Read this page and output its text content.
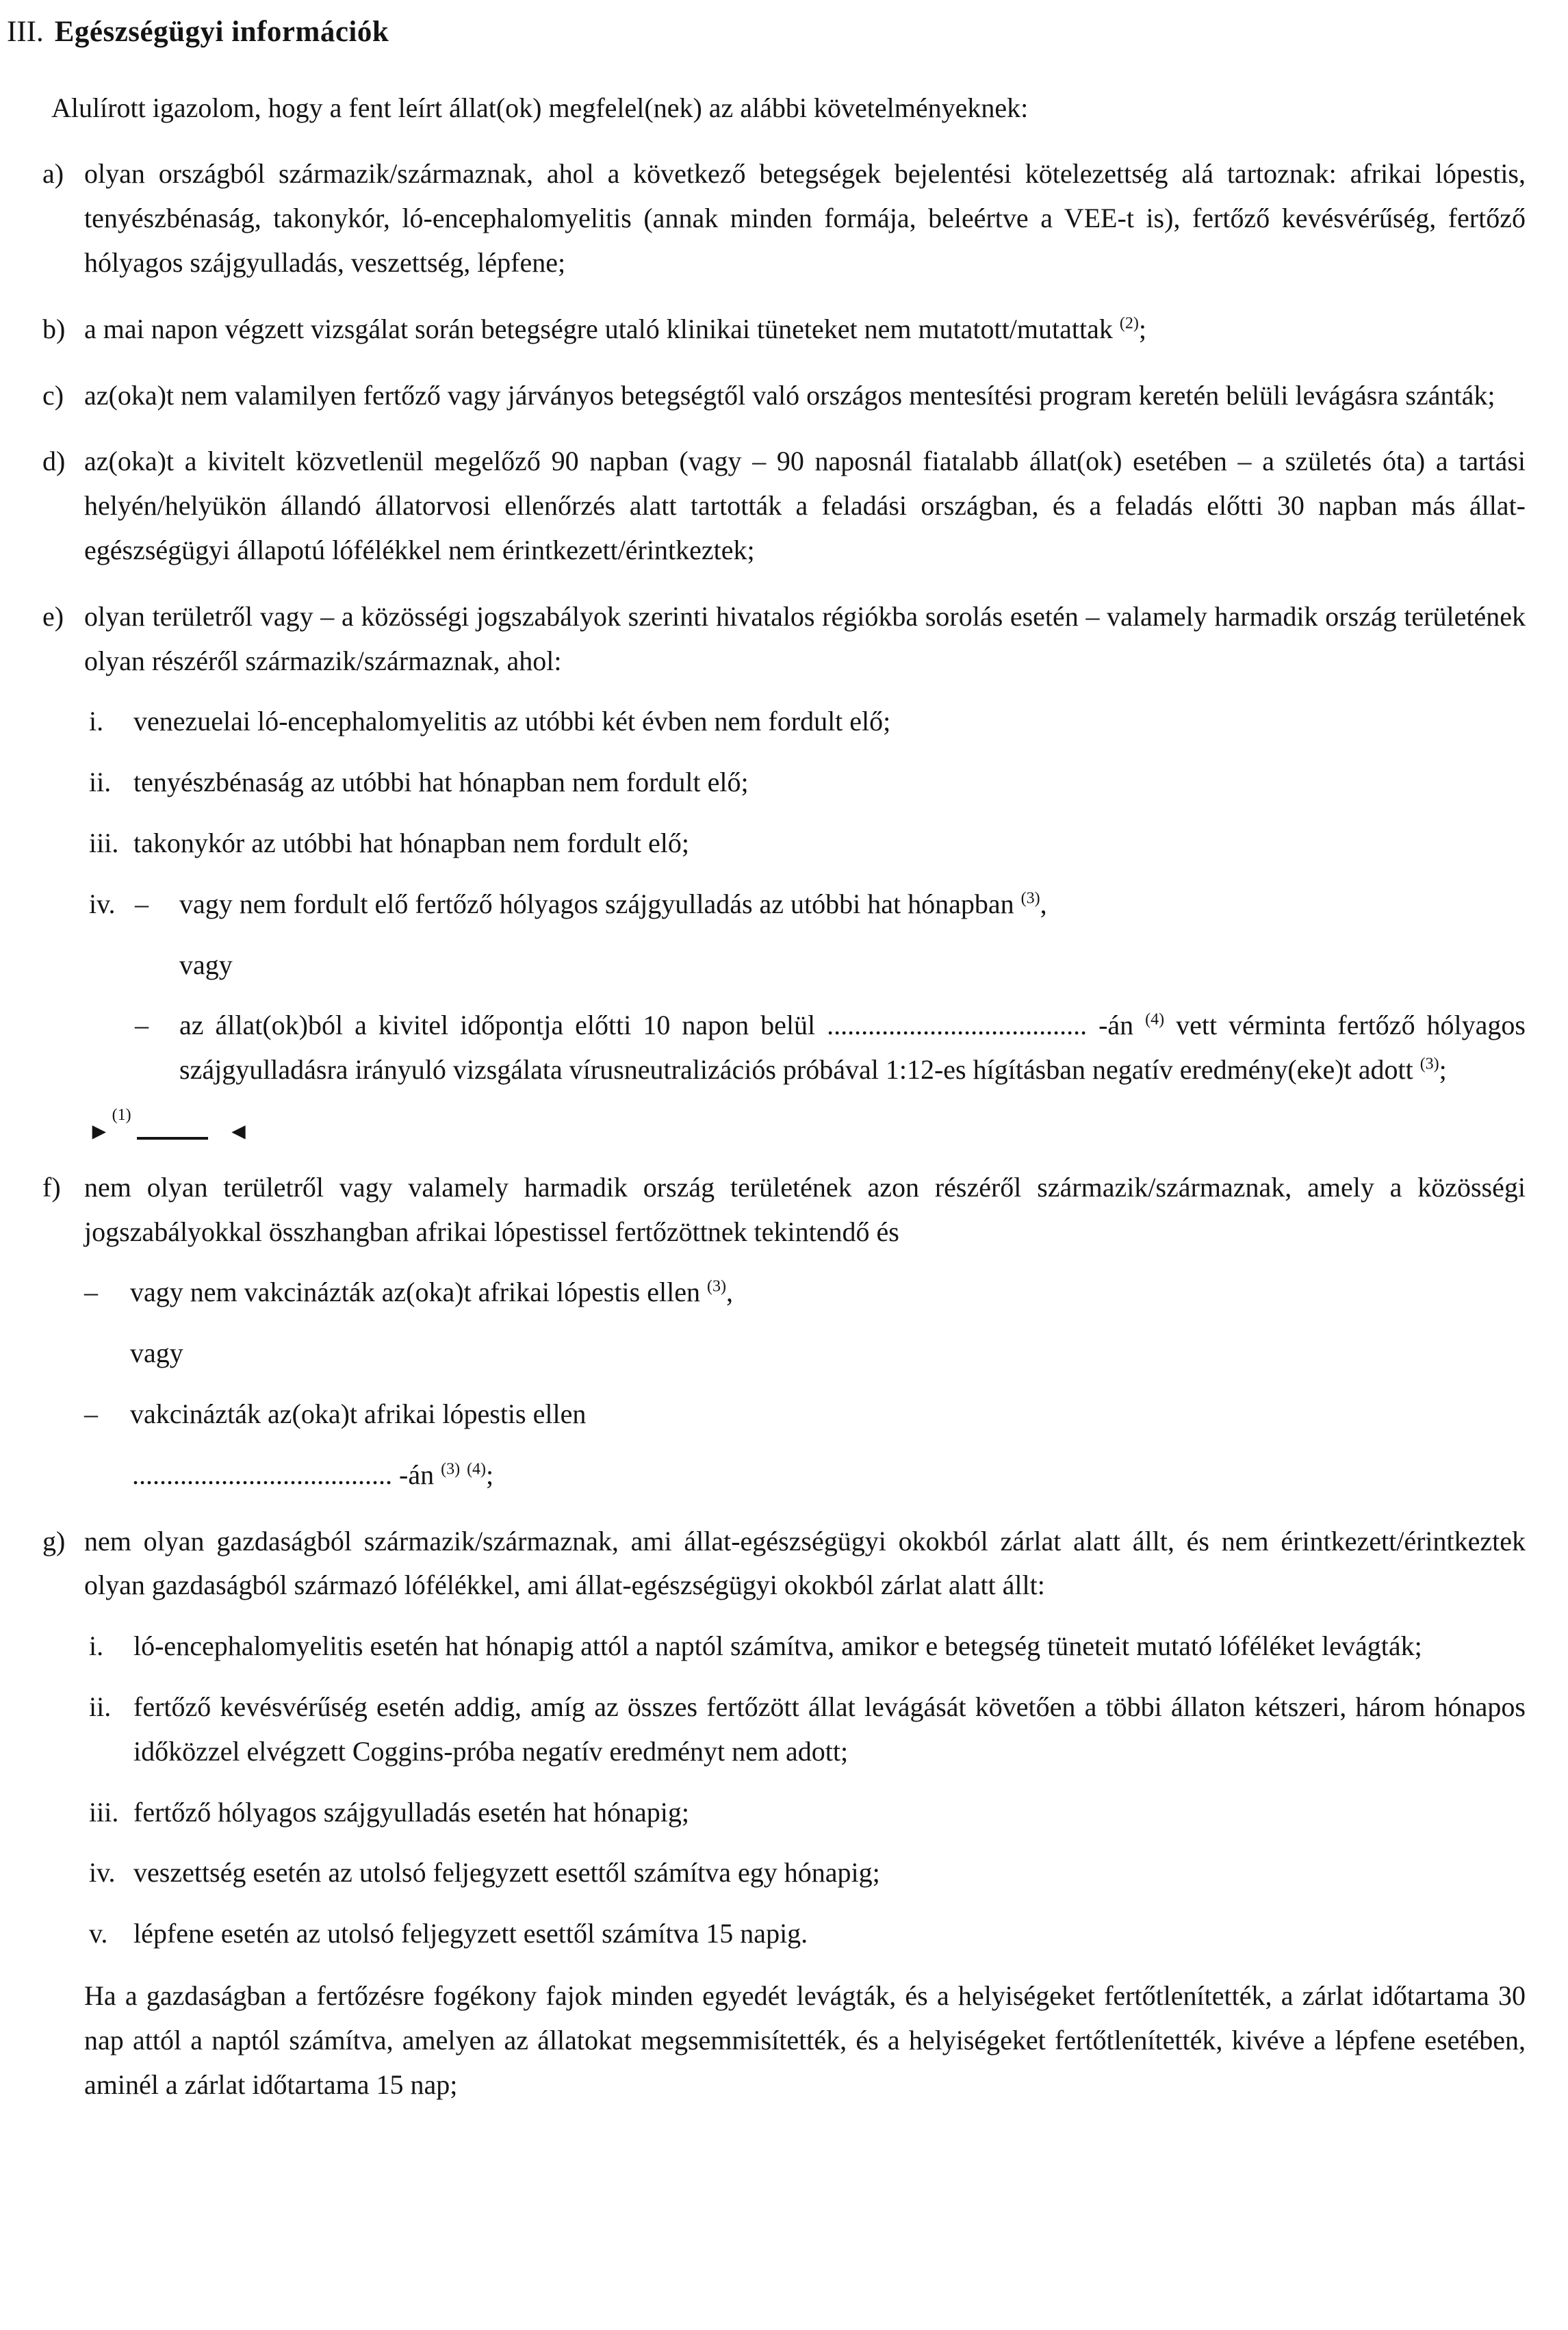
III. Egészségügyi információk

Alulírott igazolom, hogy a fent leírt állat(ok) megfelel(nek) az alábbi követelményeknek:

a) olyan országból származik/származnak, ahol a következő betegségek bejelentési kötelezettség alá tartoznak: afrikai lópestis, tenyészbénaság, takonykór, ló-encephalomyelitis (annak minden formája, beleértve a VEE-t is), fertőző kevésvérűség, fertőző hólyagos szájgyulladás, veszettség, lépfene;
b) a mai napon végzett vizsgálat során betegségre utaló klinikai tüneteket nem mutatott/mutattak $^{(2)}$;
c) az(oka)t nem valamilyen fertőző vagy járványos betegségtől való országos mentesítési program keretén belüli levágásra szánták;
d) az(oka)t a kivitelt közvetlenül megelőző 90 napban (vagy – 90 naposnál fiatalabb állat(ok) esetében – a születés óta) a tartási helyén/helyükön állandó állatorvosi ellenőrzés alatt tartották a feladási országban, és a feladás előtti 30 napban más állat-egészségügyi állapotú lófélékkel nem érintkezett/érintkeztek;
e) olyan területről vagy – a közösségi jogszabályok szerinti hivatalos régiókba sorolás esetén – valamely harmadik ország területének olyan részéről származik/származnak, ahol:
i.	venezuelai ló-encephalomyelitis az utóbbi két évben nem fordult elő;
ii. tenyészbénaság az utóbbi hat hónapban nem fordult elő;
iii. takonykór az utóbbi hat hónapban nem fordult elő;
iv. –	vagy nem fordult elő fertőző hólyagos szájgyulladás az utóbbi hat hónapban $^{(3)}$,

vagy

–	az állat(ok)ból a kivitel időpontja előtti 10 napon belül ...................................... -án $^{(4)}$ vett vérminta fertőző hólyagos szájgyulladásra irányuló vizsgálata vírusneutralizációs próbával 1:12-es hígításban negatív eredmény(eke)t adott $^{(3)}$;
►
(1)
◄
f) nem olyan területről vagy valamely harmadik ország területének azon részéről származik/származnak, amely a közösségi jogszabályokkal összhangban afrikai lópestissel fertőzöttnek tekintendő és
–	vagy nem vakcinázták az(oka)t afrikai lópestis ellen $^{(3)}$,

vagy

–	vakcinázták az(oka)t afrikai lópestis ellen

...................................... -án $^{(3)}$ $^{(4)}$;

g) nem olyan gazdaságból származik/származnak, ami állat-egészségügyi okokból zárlat alatt állt, és nem érintkezett/érintkeztek olyan gazdaságból származó lófélékkel, ami állat-egészségügyi okokból zárlat alatt állt:
i.	ló-encephalomyelitis esetén hat hónapig attól a naptól számítva, amikor e betegség tüneteit mutató lóféléket levágták;
ii. fertőző kevésvérűség esetén addig, amíg az összes fertőzött állat levágását követően a többi állaton kétszeri, három hónapos időközzel elvégzett Coggins-próba negatív eredményt nem adott;
iii. fertőző hólyagos szájgyulladás esetén hat hónapig;
iv. veszettség esetén az utolsó feljegyzett esettől számítva egy hónapig;
v. lépfene esetén az utolsó feljegyzett esettől számítva 15 napig.

Ha a gazdaságban a fertőzésre fogékony fajok minden egyedét levágták, és a helyiségeket fertőtlenítették, a zárlat időtartama 30 nap attól a naptól számítva, amelyen az állatokat megsemmisítették, és a helyiségeket fertőtlenítették, kivéve a lépfene esetében, aminél a zárlat időtartama 15 nap;
